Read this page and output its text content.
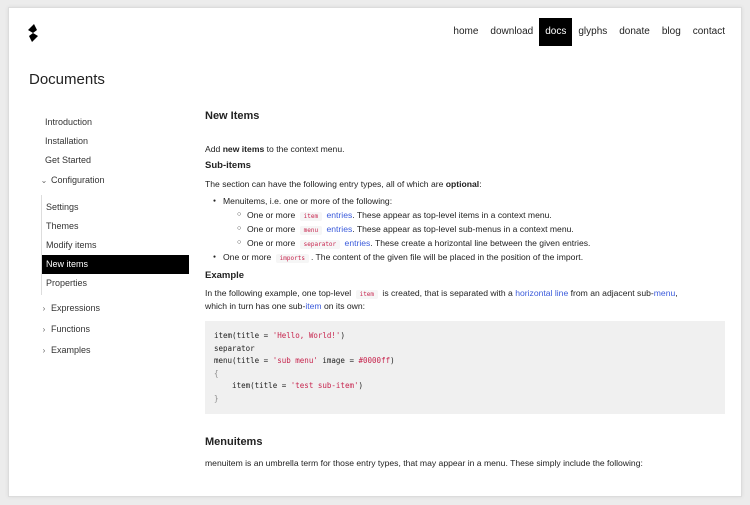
home	download	docs	glyphs	donate	blog	contact
Documents
Introduction
Installation
Get Started
⌄ Configuration
Settings
Themes
Modify items
New items
Properties
› Expressions
› Functions
› Examples
New Items

Add new items to the context menu.

Sub-items

The section can have the following entry types, all of which are optional:

● Menuitems, i.e. one or more of the following:
○ One or more item entries. These appear as top-level items in a context menu.
○ One or more menu entries. These appear as top-level sub-menus in a context menu.
○ One or more separator entries. These create a horizontal line between the given entries.
● One or more imports . The content of the given file will be placed in the position of the import.
Example

In the following example, one top-level item is created, that is separated with a horizontal line from an adjacent sub-menu,
which in turn has one sub-item on its own:

item(title = 'Hello, World!')
separator
menu(title = 'sub menu' image = #0000ff)
{
item(title = 'test sub-item')
}
Menuitems

menuitem is an umbrella term for those entry types, that may appear in a menu. These simply include the following:
